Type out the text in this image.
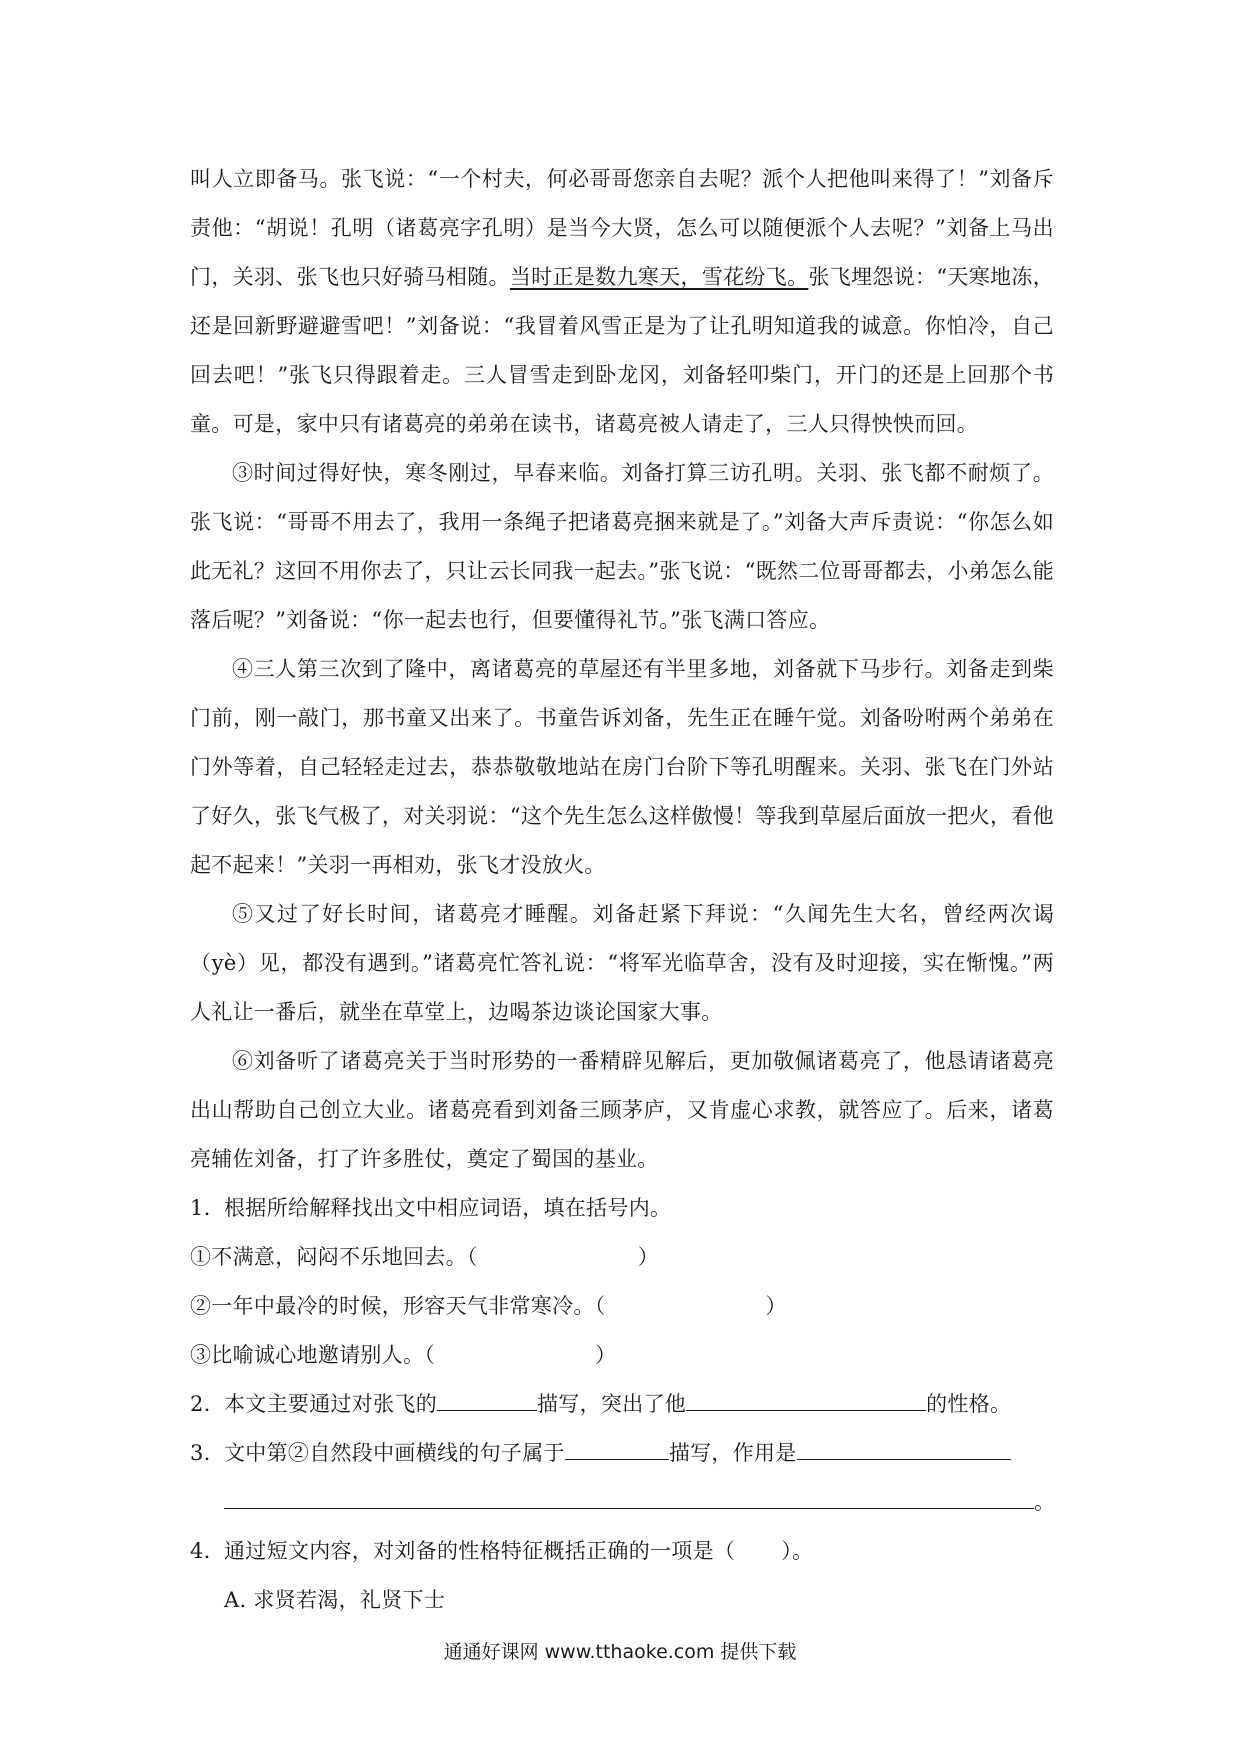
叫人立即备马。张飞说：“一个村夫，何必哥哥您亲自去呢？派个人把他叫来得了！”刘备斥责他：“胡说！孔明（诸葛亮字孔明）是当今大贤，怎么可以随便派个人去呢？”刘备上马出门，关羽、张飞也只好骑马相随。当时正是数九寒天，雪花纷飞。张飞埋怨说：“天寒地冻，还是回新野避避雪吧！”刘备说：“我冒着风雪正是为了让孔明知道我的诚意。你怕冷，自己回去吧！”张飞只得跟着走。三人冒雪走到卧龙冈，刘备轻叩柴门，开门的还是上回那个书童。可是，家中只有诸葛亮的弟弟在读书，诸葛亮被人请走了，三人只得怏怏而回。

③时间过得好快，寒冬刚过，早春来临。刘备打算三访孔明。关羽、张飞都不耐烦了。张飞说：“哥哥不用去了，我用一条绳子把诸葛亮捆来就是了。”刘备大声斥责说：“你怎么如此无礼？这回不用你去了，只让云长同我一起去。”张飞说：“既然二位哥哥都去，小弟怎么能落后呢？”刘备说：“你一起去也行，但要懂得礼节。”张飞满口答应。

④三人第三次到了隆中，离诸葛亮的草屋还有半里多地，刘备就下马步行。刘备走到柴门前，刚一敲门，那书童又出来了。书童告诉刘备，先生正在睡午觉。刘备吩咐两个弟弟在门外等着，自己轻轻走过去，恭恭敬敬地站在房门台阶下等孔明醒来。关羽、张飞在门外站了好久，张飞气极了，对关羽说：“这个先生怎么这样傲慢！等我到草屋后面放一把火，看他起不起来！”关羽一再相劝，张飞才没放火。

⑤又过了好长时间，诸葛亮才睡醒。刘备赶紧下拜说：“久闻先生大名，曾经两次谒（yè）见，都没有遇到。”诸葛亮忙答礼说：“将军光临草舍，没有及时迎接，实在惭愧。”两人礼让一番后，就坐在草堂上，边喝茶边谈论国家大事。

⑥刘备听了诸葛亮关于当时形势的一番精辟见解后，更加敬佩诸葛亮了，他恳请诸葛亮出山帮助自己创立大业。诸葛亮看到刘备三顾茅庐，又肯虚心求教，就答应了。后来，诸葛亮辅佐刘备，打了许多胜仗，奠定了蜀国的基业。

1. 根据所给解释找出文中相应词语，填在括号内。

①不满意，闷闷不乐地回去。（	）

②一年中最冷的时候，形容天气非常寒冷。（	）

③比喻诚心地邀请别人。（	）

2. 本文主要通过对张飞的	描写，突出了他	的性格。

3. 文中第②自然段中画横线的句子属于	描写，作用是

。

4. 通过短文内容，对刘备的性格特征概括正确的一项是（ ）。

A. 求贤若渴，礼贤下士

通通好课网 www.tthaoke.com 提供下载
